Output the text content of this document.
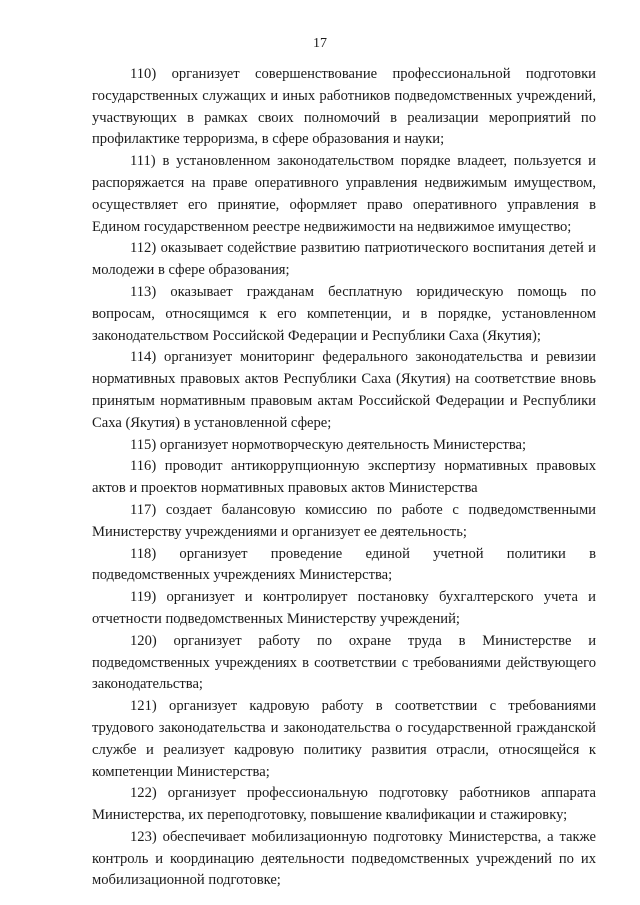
17

110) организует совершенствование профессиональной подготовки государственных служащих и иных работников подведомственных учреждений, участвующих в рамках своих полномочий в реализации мероприятий по профилактике терроризма, в сфере образования и науки;

111) в установленном законодательством порядке владеет, пользуется и распоряжается на праве оперативного управления недвижимым имуществом, осуществляет его принятие, оформляет право оперативного управления в Едином государственном реестре недвижимости на недвижимое имущество;

112) оказывает содействие развитию патриотического воспитания детей и молодежи в сфере образования;

113) оказывает гражданам бесплатную юридическую помощь по вопросам, относящимся к его компетенции, и в порядке, установленном законодательством Российской Федерации и Республики Саха (Якутия);

114) организует мониторинг федерального законодательства и ревизии нормативных правовых актов Республики Саха (Якутия) на соответствие вновь принятым нормативным правовым актам Российской Федерации и Республики Саха (Якутия) в установленной сфере;

115) организует нормотворческую деятельность Министерства;

116) проводит антикоррупционную экспертизу нормативных правовых актов и проектов нормативных правовых актов Министерства

117) создает балансовую комиссию по работе с подведомственными Министерству учреждениями и организует ее деятельность;

118) организует проведение единой учетной политики в подведомственных учреждениях Министерства;

119) организует и контролирует постановку бухгалтерского учета и отчетности подведомственных Министерству учреждений;

120) организует работу по охране труда в Министерстве и подведомственных учреждениях в соответствии с требованиями действующего законодательства;

121) организует кадровую работу в соответствии с требованиями трудового законодательства и законодательства о государственной гражданской службе и реализует кадровую политику развития отрасли, относящейся к компетенции Министерства;

122) организует профессиональную подготовку работников аппарата Министерства, их переподготовку, повышение квалификации и стажировку;

123) обеспечивает мобилизационную подготовку Министерства, а также контроль и координацию деятельности подведомственных учреждений по их мобилизационной подготовке;
